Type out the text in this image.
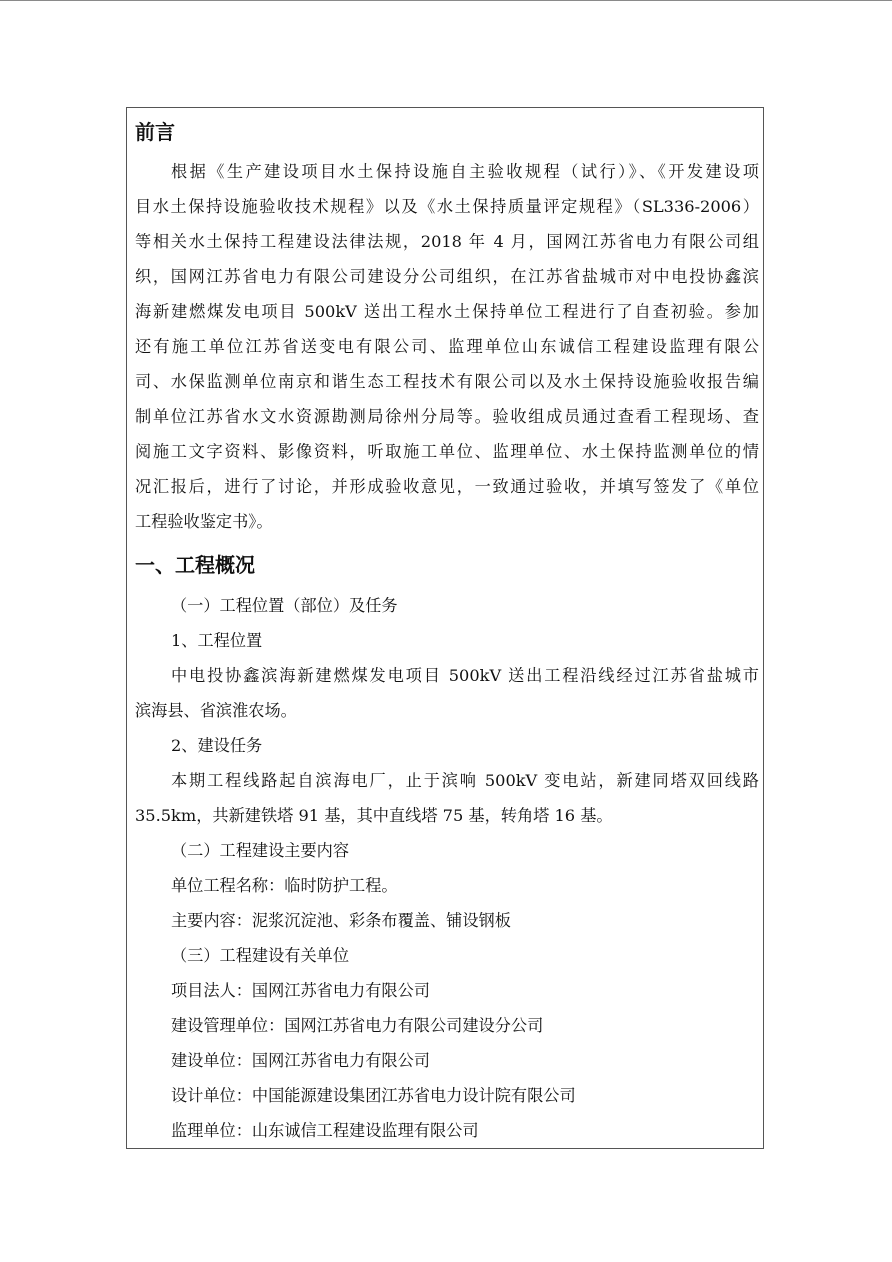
前言
根据《生产建设项目水土保持设施自主验收规程（试行）》、《开发建设项
目水土保持设施验收技术规程》以及《水土保持质量评定规程》（SL336-2006）
等相关水土保持工程建设法律法规，2018 年 4 月，国网江苏省电力有限公司组
织，国网江苏省电力有限公司建设分公司组织，在江苏省盐城市对中电投协鑫滨
海新建燃煤发电项目 500kV 送出工程水土保持单位工程进行了自查初验。参加
还有施工单位江苏省送变电有限公司、监理单位山东诚信工程建设监理有限公
司、水保监测单位南京和谐生态工程技术有限公司以及水土保持设施验收报告编
制单位江苏省水文水资源勘测局徐州分局等。验收组成员通过查看工程现场、查
阅施工文字资料、影像资料，听取施工单位、监理单位、水土保持监测单位的情
况汇报后，进行了讨论，并形成验收意见，一致通过验收，并填写签发了《单位
工程验收鉴定书》。
一、工程概况
（一）工程位置（部位）及任务
1、工程位置
中电投协鑫滨海新建燃煤发电项目 500kV 送出工程沿线经过江苏省盐城市
滨海县、省滨淮农场。
2、建设任务
本期工程线路起自滨海电厂，止于滨响 500kV 变电站，新建同塔双回线路
35.5km，共新建铁塔 91 基，其中直线塔 75 基，转角塔 16 基。
（二）工程建设主要内容
单位工程名称：临时防护工程。
主要内容：泥浆沉淀池、彩条布覆盖、铺设钢板
（三）工程建设有关单位
项目法人：国网江苏省电力有限公司
建设管理单位：国网江苏省电力有限公司建设分公司
建设单位：国网江苏省电力有限公司
设计单位：中国能源建设集团江苏省电力设计院有限公司
监理单位：山东诚信工程建设监理有限公司
